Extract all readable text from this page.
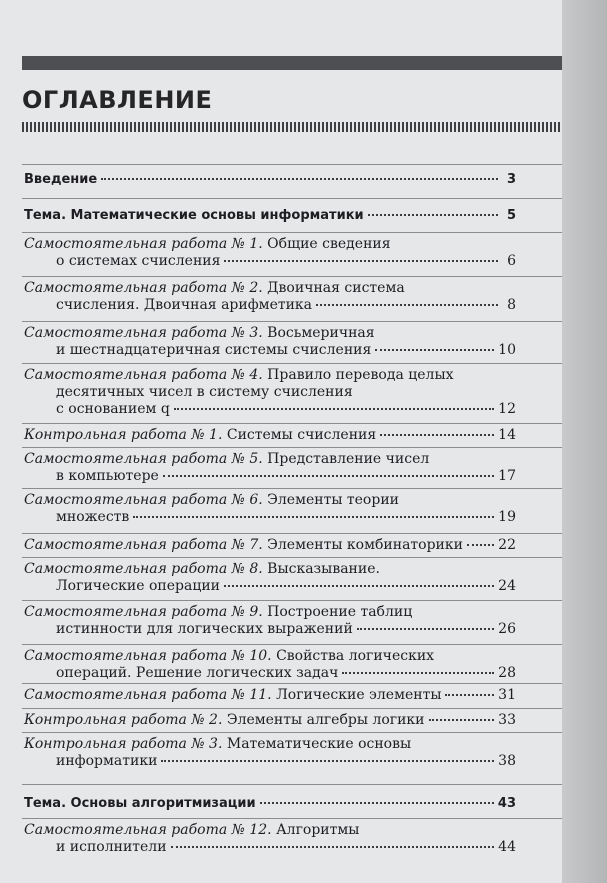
ОГЛАВЛЕНИЕ
Введение	3
Тема. Математические основы информатики	5
Самостоятельная работа № 1. Общие сведения
о системах счисления	6
Самостоятельная работа № 2. Двоичная система
счисления. Двоичная арифметика	8
Самостоятельная работа № 3. Восьмеричная
и шестнадцатеричная системы счисления	10
Самостоятельная работа № 4. Правило перевода целых
десятичных чисел в систему счисления
с основанием q	12
Контрольная работа № 1. Системы счисления	14
Самостоятельная работа № 5. Представление чисел
в компьютере	17
Самостоятельная работа № 6. Элементы теории
множеств	19
Самостоятельная работа № 7. Элементы комбинаторики	22
Самостоятельная работа № 8. Высказывание.
Логические операции	24
Самостоятельная работа № 9. Построение таблиц
истинности для логических выражений	26
Самостоятельная работа № 10. Свойства логических
операций. Решение логических задач	28
Самостоятельная работа № 11. Логические элементы	31
Контрольная работа № 2. Элементы алгебры логики	33
Контрольная работа № 3. Математические основы
информатики	38
Тема. Основы алгоритмизации	43
Самостоятельная работа № 12. Алгоритмы
и исполнители	44
